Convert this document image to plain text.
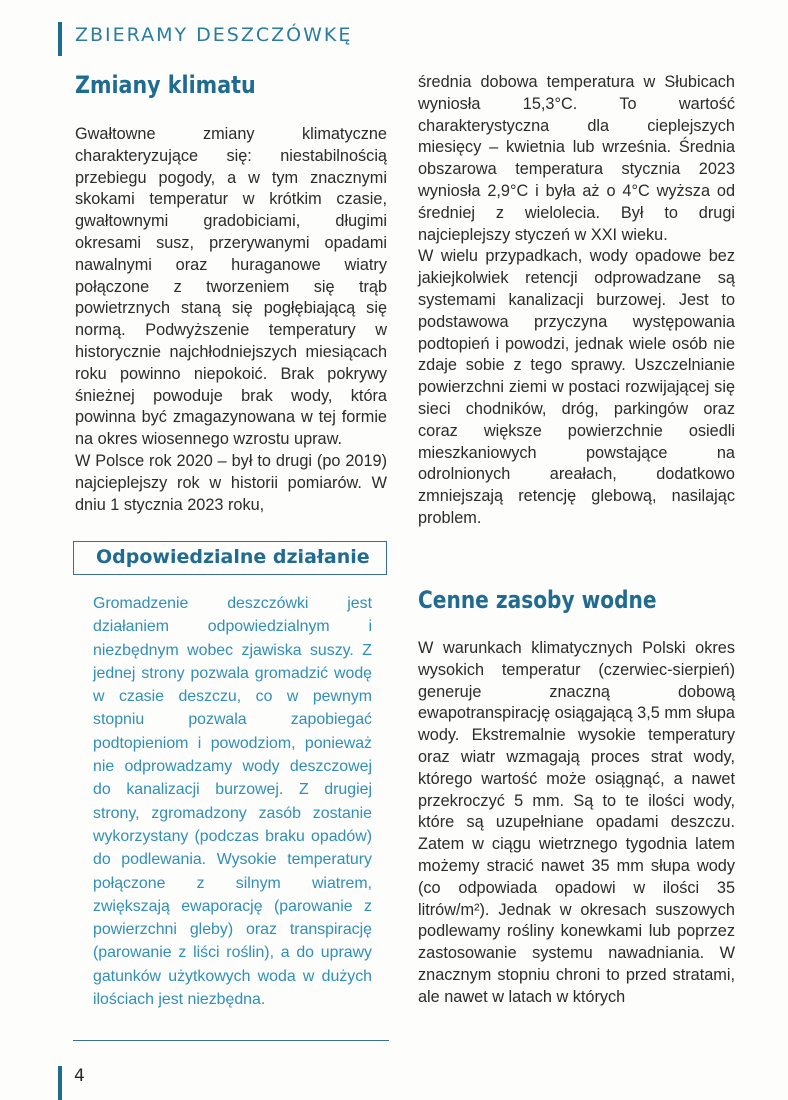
ZBIERAMY DESZCZÓWKĘ
Zmiany klimatu

Gwałtowne zmiany klimatyczne charakteryzujące się: niestabilnością przebiegu pogody, a w tym znacznymi skokami temperatur w krótkim czasie, gwałtownymi gradobiciami, długimi okresami susz, przerywanymi opadami nawalnymi oraz huraganowe wiatry połączone z tworzeniem się trąb powietrznych staną się pogłębiającą się normą. Podwyższenie temperatury w historycznie najchłodniejszych miesiącach roku powinno niepokoić. Brak pokrywy śnieżnej powoduje brak wody, która powinna być zmagazynowana w tej formie na okres wiosennego wzrostu upraw.

W Polsce rok 2020 – był to drugi (po 2019) najcieplejszy rok w historii pomiarów. W dniu 1 stycznia 2023 roku,

Odpowiedzialne działanie

Gromadzenie deszczówki jest działaniem odpowiedzialnym i niezbędnym wobec zjawiska suszy. Z jednej strony pozwala gromadzić wodę w czasie deszczu, co w pewnym stopniu pozwala zapobiegać podtopieniom i powodziom, ponieważ nie odprowadzamy wody deszczowej do kanalizacji burzowej. Z drugiej strony, zgromadzony zasób zostanie wykorzystany (podczas braku opadów) do podlewania. Wysokie temperatury połączone z silnym wiatrem, zwiększają ewaporację (parowanie z powierzchni gleby) oraz transpirację (parowanie z liści roślin), a do uprawy gatunków użytkowych woda w dużych ilościach jest niezbędna.

średnia dobowa temperatura w Słubicach wyniosła 15,3°C. To wartość charakterystyczna dla cieplejszych miesięcy – kwietnia lub września. Średnia obszarowa temperatura stycznia 2023 wyniosła 2,9°C i była aż o 4°C wyższa od średniej z wielolecia. Był to drugi najcieplejszy styczeń w XXI wieku.

W wielu przypadkach, wody opadowe bez jakiejkolwiek retencji odprowadzane są systemami kanalizacji burzowej. Jest to podstawowa przyczyna występowania podtopień i powodzi, jednak wiele osób nie zdaje sobie z tego sprawy. Uszczelnianie powierzchni ziemi w postaci rozwijającej się sieci chodników, dróg, parkingów oraz coraz większe powierzchnie osiedli mieszkaniowych powstające na odrolnionych areałach, dodatkowo zmniejszają retencję glebową, nasilając problem.

Cenne zasoby wodne

W warunkach klimatycznych Polski okres wysokich temperatur (czerwiec-sierpień) generuje znaczną dobową ewapotranspirację osiągającą 3,5 mm słupa wody. Ekstremalnie wysokie temperatury oraz wiatr wzmagają proces strat wody, którego wartość może osiągnąć, a nawet przekroczyć 5 mm. Są to te ilości wody, które są uzupełniane opadami deszczu. Zatem w ciągu wietrznego tygodnia latem możemy stracić nawet 35 mm słupa wody (co odpowiada opadowi w ilości 35 litrów/m²). Jednak w okresach suszowych podlewamy rośliny konewkami lub poprzez zastosowanie systemu nawadniania. W znacznym stopniu chroni to przed stratami, ale nawet w latach w których

4
